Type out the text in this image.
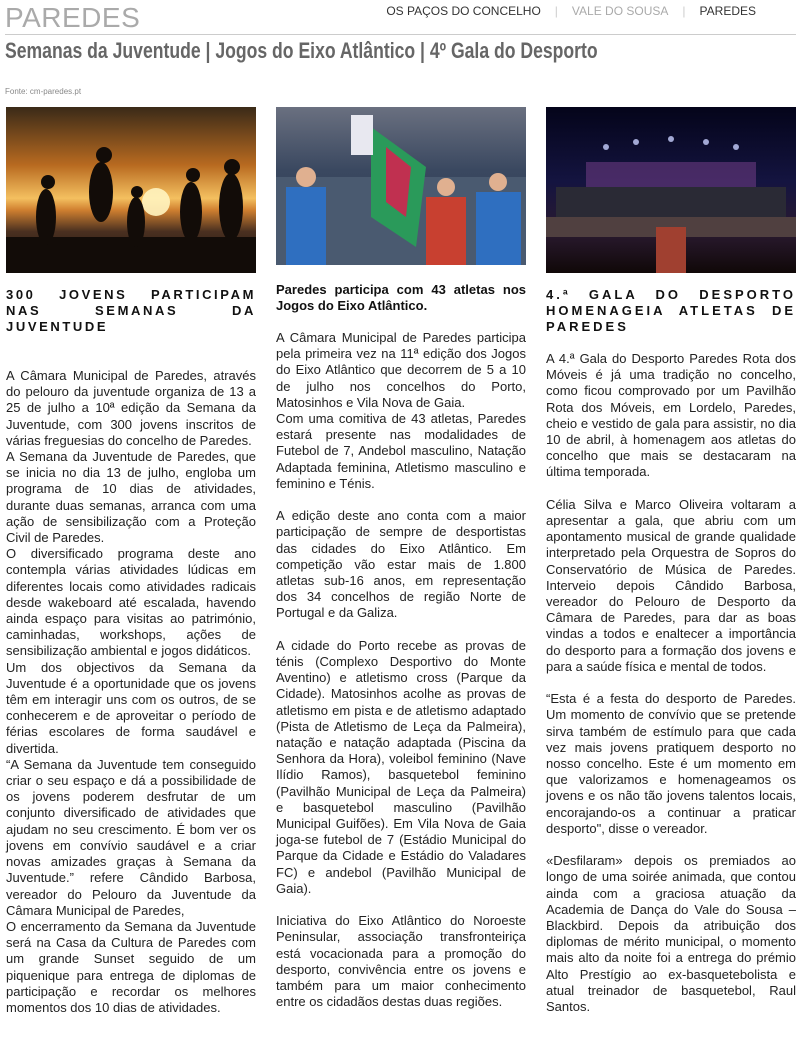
PAREDES	OS PAÇOS DO CONCELHO	|	VALE DO SOUSA	|	PAREDES
Semanas da Juventude | Jogos do Eixo Atlântico | 4º Gala do Desporto
Fonte: cm-paredes.pt
300 JOVENS PARTICIPAM NAS SEMANAS DA JUVENTUDE

A Câmara Municipal de Paredes, através do pelouro da juventude organiza de 13 a 25 de julho a 10ª edição da Semana da Juventude, com 300 jovens inscritos de várias freguesias do concelho de Paredes.

A Semana da Juventude de Paredes, que se inicia no dia 13 de julho, engloba um programa de 10 dias de atividades, durante duas semanas, arranca com uma ação de sensibilização com a Proteção Civil de Paredes.

O diversificado programa deste ano contempla várias atividades lúdicas em diferentes locais como atividades radicais desde wakeboard até escalada, havendo ainda espaço para visitas ao património, caminhadas, workshops, ações de sensibilização ambiental e jogos didáticos.

Um dos objectivos da Semana da Juventude é a oportunidade que os jovens têm em interagir uns com os outros, de se conhecerem e de aproveitar o período de férias escolares de forma saudável e divertida.

“A Semana da Juventude tem conseguido criar o seu espaço e dá a possibilidade de os jovens poderem desfrutar de um conjunto diversificado de atividades que ajudam no seu crescimento. É bom ver os jovens em convívio saudável e a criar novas amizades graças à Semana da Juventude.” refere Cândido Barbosa, vereador do Pelouro da Juventude da Câmara Municipal de Paredes,

O encerramento da Semana da Juventude será na Casa da Cultura de Paredes com um grande Sunset seguido de um piquenique para entrega de diplomas de participação e recordar os melhores momentos dos 10 dias de atividades.

Paredes participa com 43 atletas nos Jogos do Eixo Atlântico.

A Câmara Municipal de Paredes participa pela primeira vez na 11ª edição dos Jogos do Eixo Atlântico que decorrem de 5 a 10 de julho nos concelhos do Porto, Matosinhos e Vila Nova de Gaia.
Com uma comitiva de 43 atletas, Paredes estará presente nas modalidades de Futebol de 7, Andebol masculino, Natação Adaptada feminina, Atletismo masculino e feminino e Ténis.

A edição deste ano conta com a maior participação de sempre de desportistas das cidades do Eixo Atlântico. Em competição vão estar mais de 1.800 atletas sub-16 anos, em representação dos 34 concelhos de região Norte de Portugal e da Galiza.

A cidade do Porto recebe as provas de ténis (Complexo Desportivo do Monte Aventino) e atletismo cross (Parque da Cidade). Matosinhos acolhe as provas de atletismo em pista e de atletismo adaptado (Pista de Atletismo de Leça da Palmeira), natação e natação adaptada (Piscina da Senhora da Hora), voleibol feminino (Nave Ilídio Ramos), basquetebol feminino (Pavilhão Municipal de Leça da Palmeira) e basquetebol masculino (Pavilhão Municipal Guifões). Em Vila Nova de Gaia joga-se futebol de 7 (Estádio Municipal do Parque da Cidade e Estádio do Valadares FC) e andebol (Pavilhão Municipal de Gaia).

Iniciativa do Eixo Atlântico do Noroeste Peninsular, associação transfronteiriça está vocacionada para a promoção do desporto, convivência entre os jovens e também para um maior conhecimento entre os cidadãos destas duas regiões.

4.ª GALA DO DESPORTO HOMENAGEIA ATLETAS DE PAREDES

A 4.ª Gala do Desporto Paredes Rota dos Móveis é já uma tradição no concelho, como ficou comprovado por um Pavilhão Rota dos Móveis, em Lordelo, Paredes, cheio e vestido de gala para assistir, no dia 10 de abril, à homenagem aos atletas do concelho que mais se destacaram na última temporada.

Célia Silva e Marco Oliveira voltaram a apresentar a gala, que abriu com um apontamento musical de grande qualidade interpretado pela Orquestra de Sopros do Conservatório de Música de Paredes. Interveio depois Cândido Barbosa, vereador do Pelouro de Desporto da Câmara de Paredes, para dar as boas vindas a todos e enaltecer a importância do desporto para a formação dos jovens e para a saúde física e mental de todos.

“Esta é a festa do desporto de Paredes. Um momento de convívio que se pretende sirva também de estímulo para que cada vez mais jovens pratiquem desporto no nosso concelho. Este é um momento em que valorizamos e homenageamos os jovens e os não tão jovens talentos locais, encorajando-os a continuar a praticar desporto", disse o vereador.

«Desfilaram» depois os premiados ao longo de uma soirée animada, que contou ainda com a graciosa atuação da Academia de Dança do Vale do Sousa – Blackbird. Depois da atribuição dos diplomas de mérito municipal, o momento mais alto da noite foi a entrega do prémio Alto Prestígio ao ex-basquetebolista e atual treinador de basquetebol, Raul Santos.
